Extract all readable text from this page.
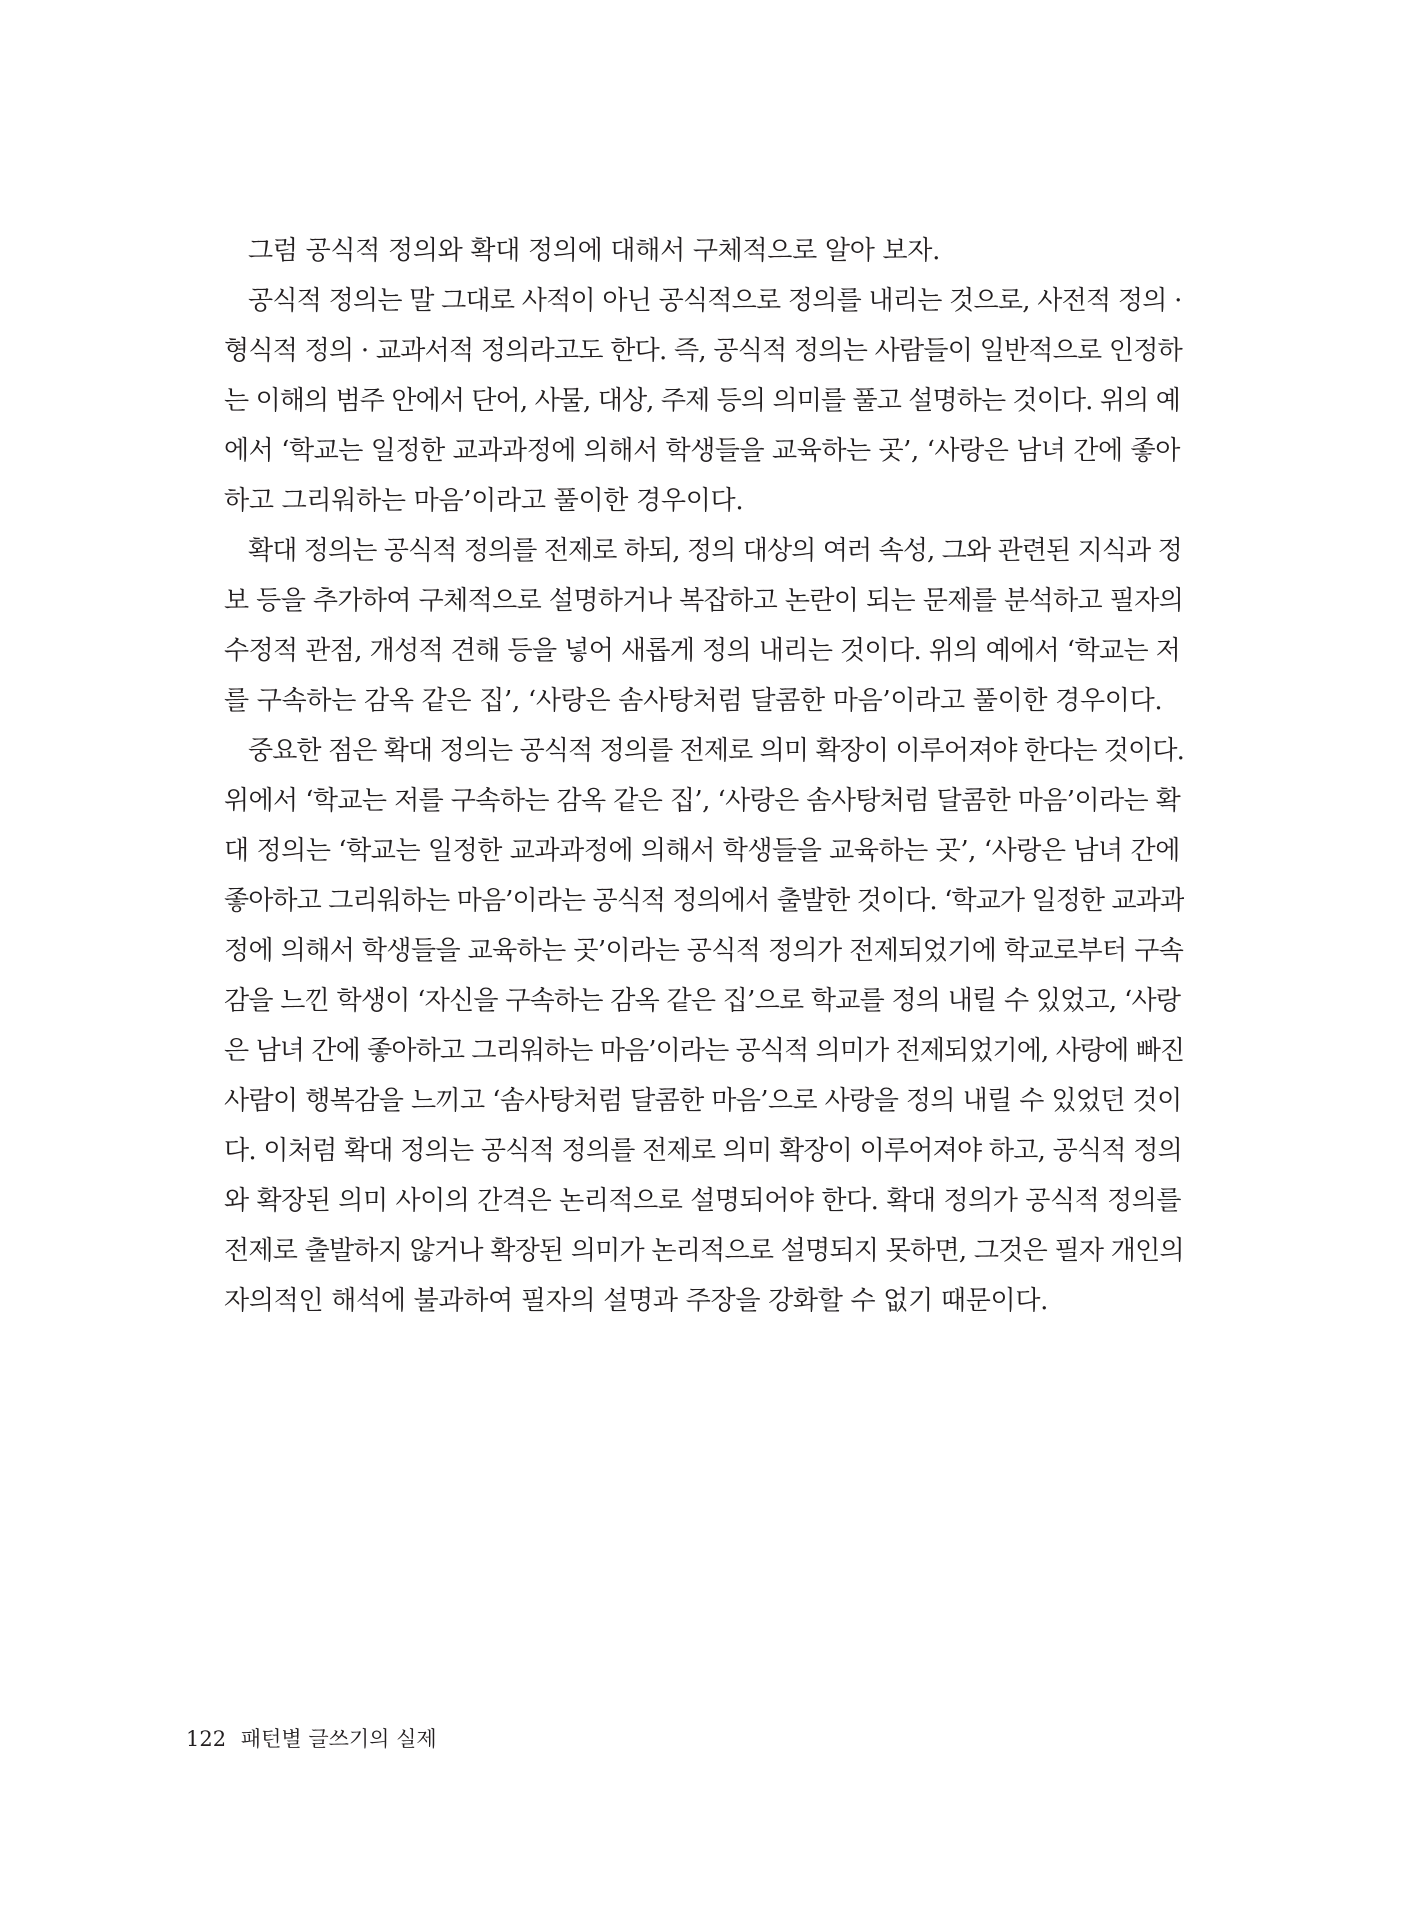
그럼 공식적 정의와 확대 정의에 대해서 구체적으로 알아 보자.
공식적 정의는 말 그대로 사적이 아닌 공식적으로 정의를 내리는 것으로, 사전적 정의 ·
형식적 정의 · 교과서적 정의라고도 한다. 즉, 공식적 정의는 사람들이 일반적으로 인정하
는 이해의 범주 안에서 단어, 사물, 대상, 주제 등의 의미를 풀고 설명하는 것이다. 위의 예
에서 ‘학교는 일정한 교과과정에 의해서 학생들을 교육하는 곳’, ‘사랑은 남녀 간에 좋아
하고 그리워하는 마음’이라고 풀이한 경우이다.
확대 정의는 공식적 정의를 전제로 하되, 정의 대상의 여러 속성, 그와 관련된 지식과 정
보 등을 추가하여 구체적으로 설명하거나 복잡하고 논란이 되는 문제를 분석하고 필자의
수정적 관점, 개성적 견해 등을 넣어 새롭게 정의 내리는 것이다. 위의 예에서 ‘학교는 저
를 구속하는 감옥 같은 집’, ‘사랑은 솜사탕처럼 달콤한 마음’이라고 풀이한 경우이다.
중요한 점은 확대 정의는 공식적 정의를 전제로 의미 확장이 이루어져야 한다는 것이다.
위에서 ‘학교는 저를 구속하는 감옥 같은 집’, ‘사랑은 솜사탕처럼 달콤한 마음’이라는 확
대 정의는 ‘학교는 일정한 교과과정에 의해서 학생들을 교육하는 곳’, ‘사랑은 남녀 간에
좋아하고 그리워하는 마음’이라는 공식적 정의에서 출발한 것이다. ‘학교가 일정한 교과과
정에 의해서 학생들을 교육하는 곳’이라는 공식적 정의가 전제되었기에 학교로부터 구속
감을 느낀 학생이 ‘자신을 구속하는 감옥 같은 집’으로 학교를 정의 내릴 수 있었고, ‘사랑
은 남녀 간에 좋아하고 그리워하는 마음’이라는 공식적 의미가 전제되었기에, 사랑에 빠진
사람이 행복감을 느끼고 ‘솜사탕처럼 달콤한 마음’으로 사랑을 정의 내릴 수 있었던 것이
다. 이처럼 확대 정의는 공식적 정의를 전제로 의미 확장이 이루어져야 하고, 공식적 정의
와 확장된 의미 사이의 간격은 논리적으로 설명되어야 한다. 확대 정의가 공식적 정의를
전제로 출발하지 않거나 확장된 의미가 논리적으로 설명되지 못하면, 그것은 필자 개인의
자의적인 해석에 불과하여 필자의 설명과 주장을 강화할 수 없기 때문이다.
122 패턴별 글쓰기의 실제
